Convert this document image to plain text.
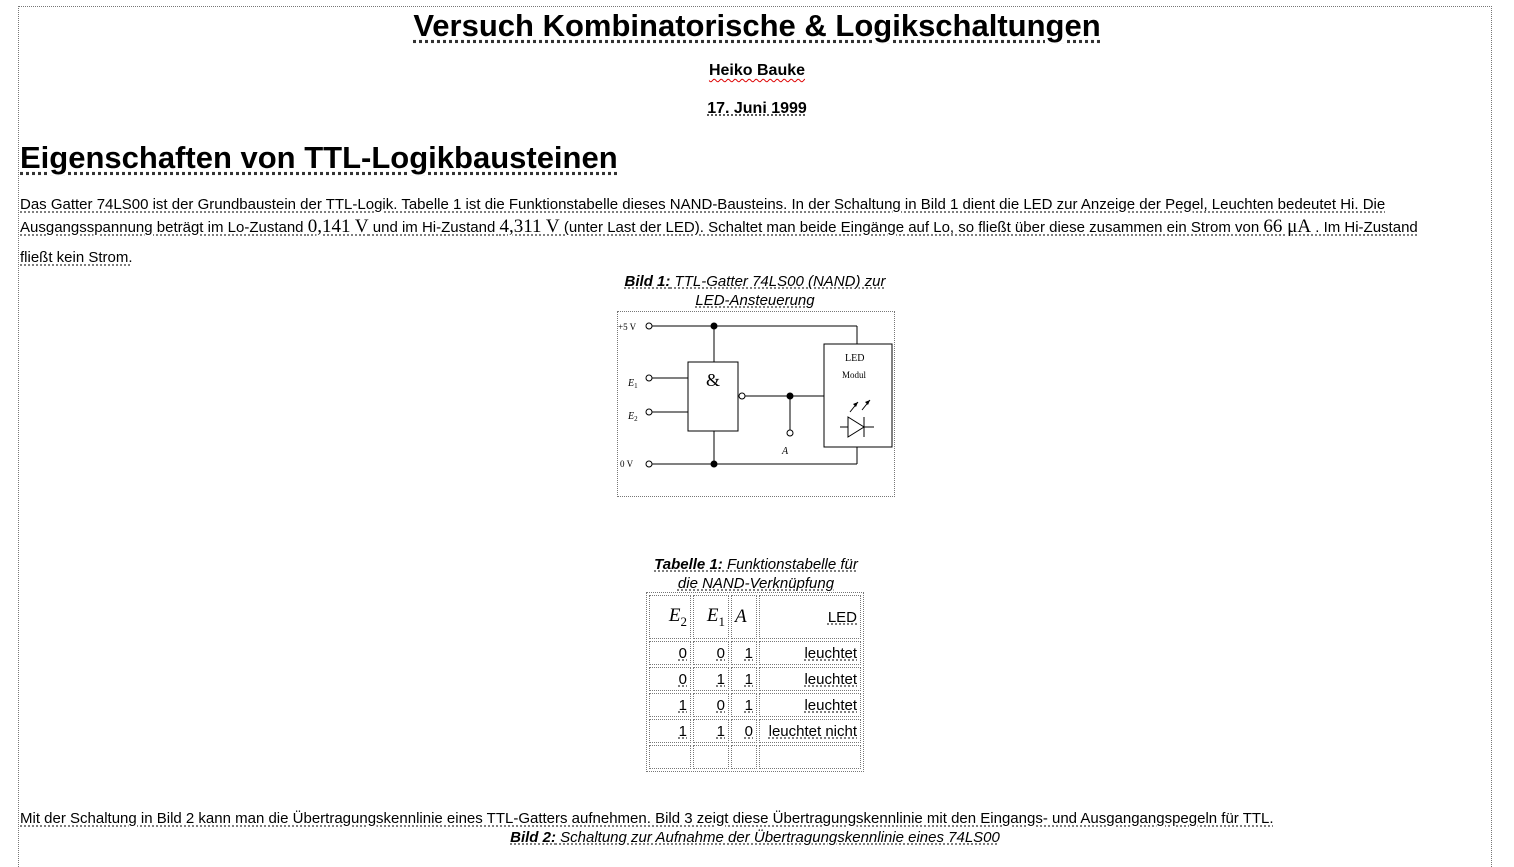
Versuch Kombinatorische & Logikschaltungen
Heiko Bauke
17. Juni 1999
Eigenschaften von TTL-Logikbausteinen
Das Gatter 74LS00 ist der Grundbaustein der TTL-Logik. Tabelle 1 ist die Funktionstabelle dieses NAND-Bausteins. In der Schaltung in Bild 1 dient die LED zur Anzeige der Pegel, Leuchten bedeutet Hi. Die Ausgangsspannung beträgt im Lo-Zustand 0,141 V und im Hi-Zustand 4,311 V (unter Last der LED). Schaltet man beide Eingänge auf Lo, so fließt über diese zusammen ein Strom von 66 μA . Im Hi-Zustand
fließt kein Strom.
Bild 1: TTL-Gatter 74LS00 (NAND) zur
LED-Ansteuerung
+5 V
$E_1$
$E_2$
0 V
&
A
LED
Modul
Tabelle 1: Funktionstabelle für
die NAND-Verknüpfung
$E_2$	$E_1$	A	LED
0	0	1	leuchtet
0	1	1	leuchtet
1	0	1	leuchtet
1	1	0	leuchtet nicht

Mit der Schaltung in Bild 2 kann man die Übertragungskennlinie eines TTL-Gatters aufnehmen. Bild 3 zeigt diese Übertragungskennlinie mit den Eingangs- und Ausgangangspegeln für TTL.
Bild 2: Schaltung zur Aufnahme der Übertragungskennlinie eines 74LS00
